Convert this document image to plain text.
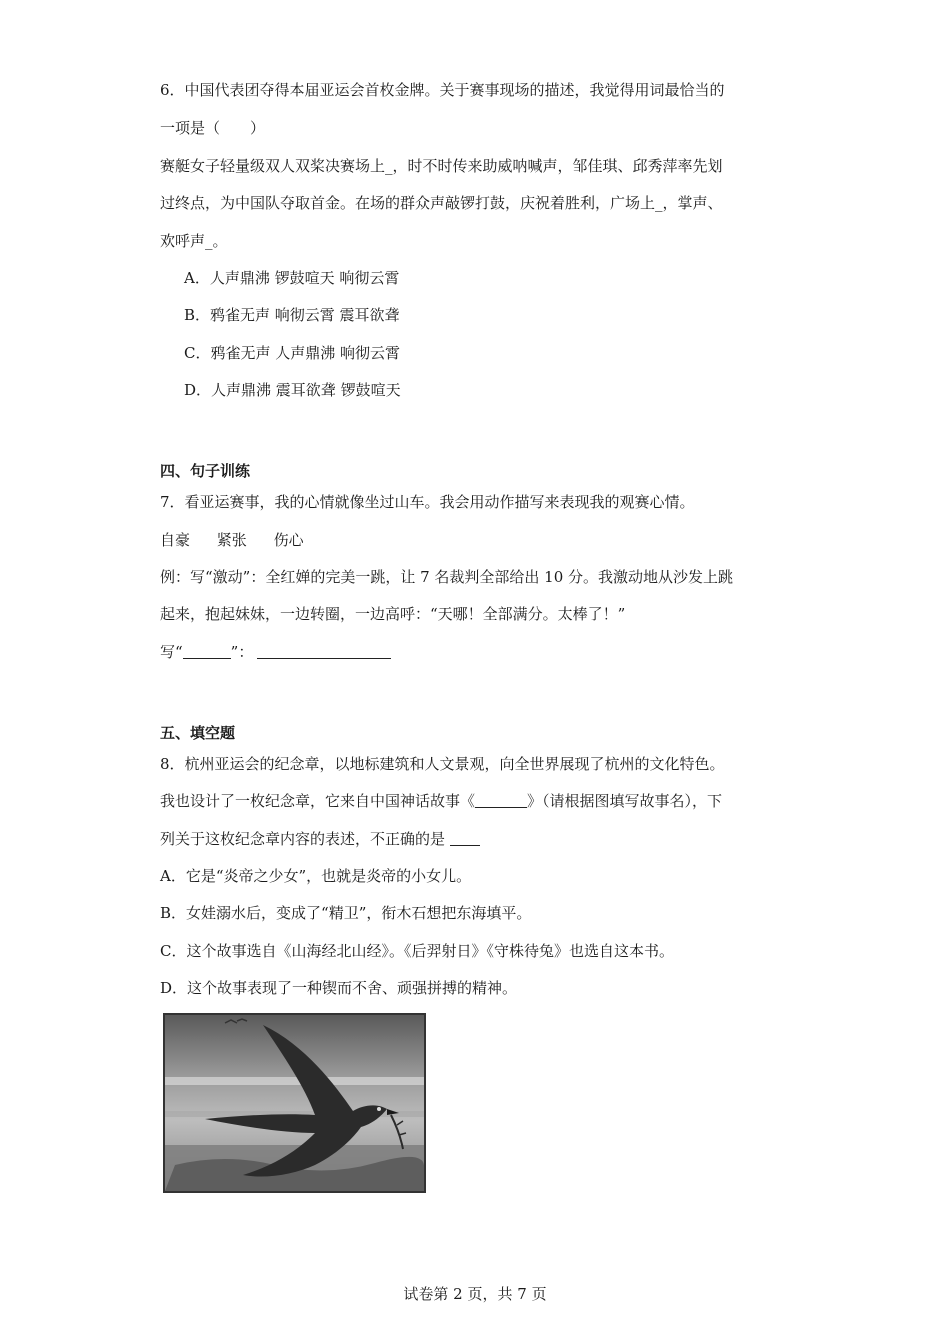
6．中国代表团夺得本届亚运会首枚金牌。关于赛事现场的描述，我觉得用词最恰当的
一项是（　　）
赛艇女子轻量级双人双桨决赛场上_，时不时传来助威呐喊声，邹佳琪、邱秀萍率先划
过终点，为中国队夺取首金。在场的群众声敲锣打鼓，庆祝着胜利，广场上_，掌声、
欢呼声_。
A．人声鼎沸 锣鼓喧天 响彻云霄
B．鸦雀无声 响彻云霄 震耳欲聋
C．鸦雀无声 人声鼎沸 响彻云霄
D．人声鼎沸 震耳欲聋 锣鼓喧天
四、句子训练
7．看亚运赛事，我的心情就像坐过山车。我会用动作描写来表现我的观赛心情。
自豪 紧张 伤心
例：写“激动”：全红婵的完美一跳，让 7 名裁判全部给出 10 分。我激动地从沙发上跳
起来，抱起妹妹，一边转圈，一边高呼：“天哪！全部满分。太棒了！”
写“	”：
五、填空题
8．杭州亚运会的纪念章，以地标建筑和人文景观，向全世界展现了杭州的文化特色。
我也设计了一枚纪念章，它来自中国神话故事《	》（请根据图填写故事名），下
列关于这枚纪念章内容的表述，不正确的是
A．它是“炎帝之少女”，也就是炎帝的小女儿。
B．女娃溺水后，变成了“精卫”，衔木石想把东海填平。
C．这个故事选自《山海经北山经》。《后羿射日》《守株待兔》也选自这本书。
D．这个故事表现了一种锲而不舍、顽强拼搏的精神。
试卷第 2 页，共 7 页
